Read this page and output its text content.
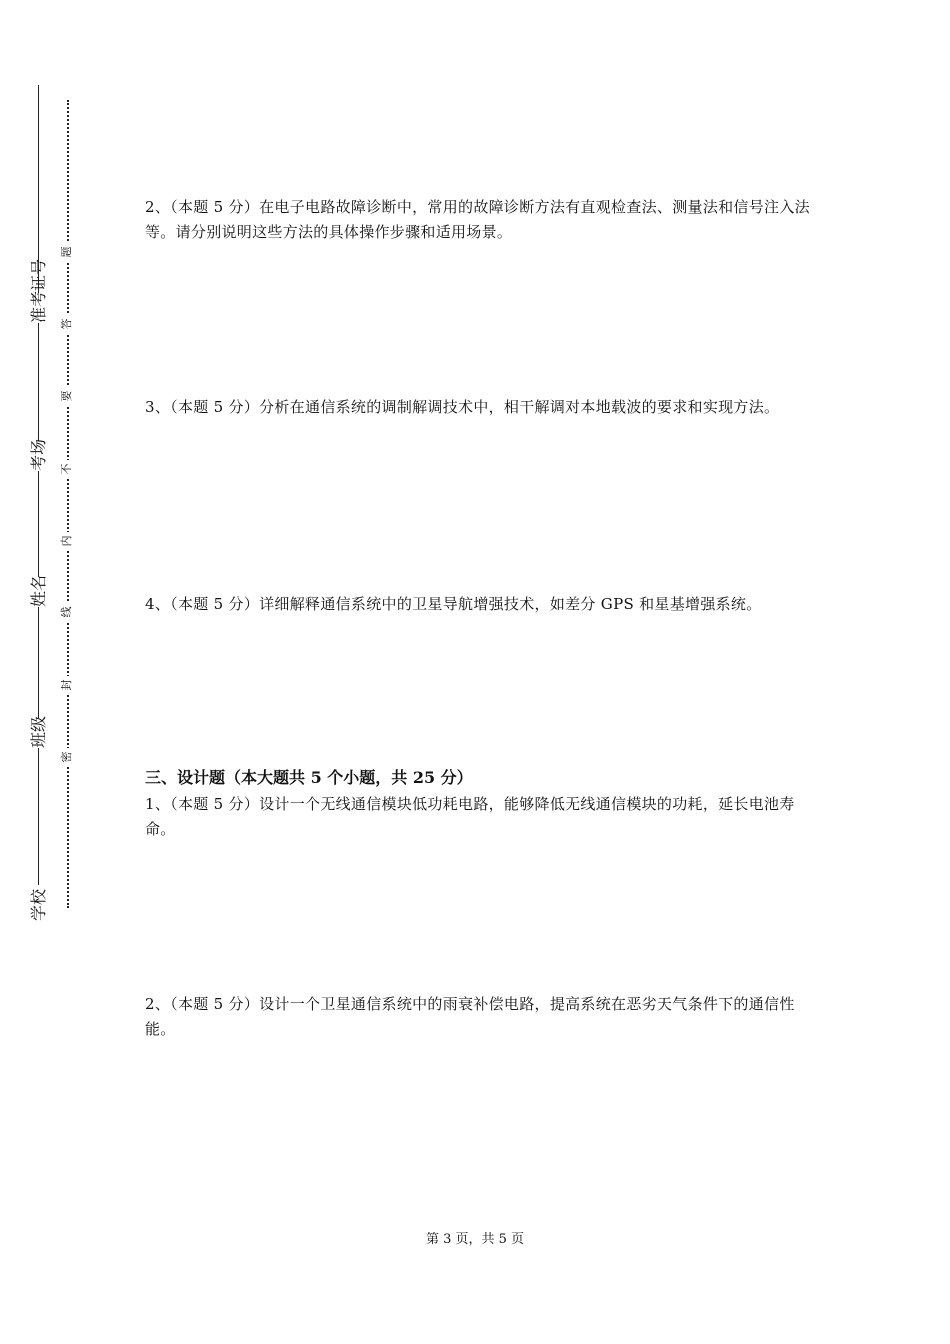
准考证号
考场
姓名
班级
学校
题
答
要
不
内
线
封
密
2、（本题 5 分）在电子电路故障诊断中，常用的故障诊断方法有直观检查法、测量法和信号注入法等。请分别说明这些方法的具体操作步骤和适用场景。
3、（本题 5 分）分析在通信系统的调制解调技术中，相干解调对本地载波的要求和实现方法。
4、（本题 5 分）详细解释通信系统中的卫星导航增强技术，如差分 GPS 和星基增强系统。
三、设计题（本大题共 5 个小题，共 25 分）
1、（本题 5 分）设计一个无线通信模块低功耗电路，能够降低无线通信模块的功耗，延长电池寿命。
2、（本题 5 分）设计一个卫星通信系统中的雨衰补偿电路，提高系统在恶劣天气条件下的通信性能。
第 3 页，共 5 页
